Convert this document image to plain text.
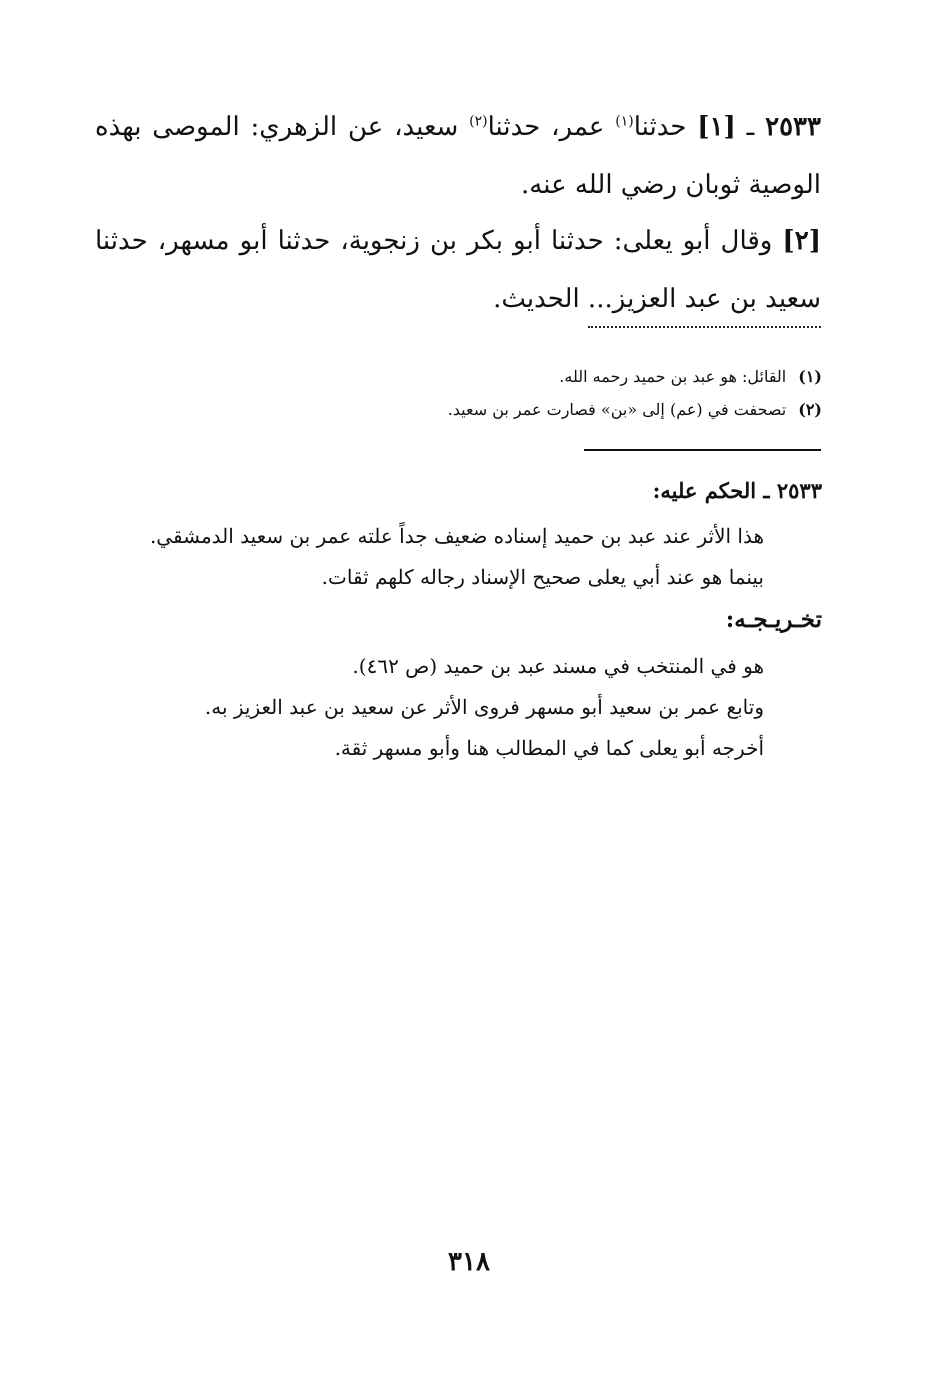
٢٥٣٣ ـ [١] حدثنا$^{(١)}$ عمر، حدثنا$^{(٢)}$ سعيد، عن الزهري: الموصى بهذه الوصية ثوبان رضي الله عنه.

[٢] وقال أبو يعلى: حدثنا أبو بكر بن زنجوية، حدثنا أبو مسهر، حدثنا سعيد بن عبد العزيز... الحديث.

(١)القائل: هو عبد بن حميد رحمه الله.

(٢)تصحفت في (عم) إلى «بن» فصارت عمر بن سعيد.

٢٥٣٣ ـ الحكم عليه:

هذا الأثر عند عبد بن حميد إسناده ضعيف جداً علته عمر بن سعيد الدمشقي.

بينما هو عند أبي يعلى صحيح الإسناد رجاله كلهم ثقات.

تخـريـجـه:

هو في المنتخب في مسند عبد بن حميد (ص ٤٦٢).

وتابع عمر بن سعيد أبو مسهر فروى الأثر عن سعيد بن عبد العزيز به.

أخرجه أبو يعلى كما في المطالب هنا وأبو مسهر ثقة.

٣١٨
